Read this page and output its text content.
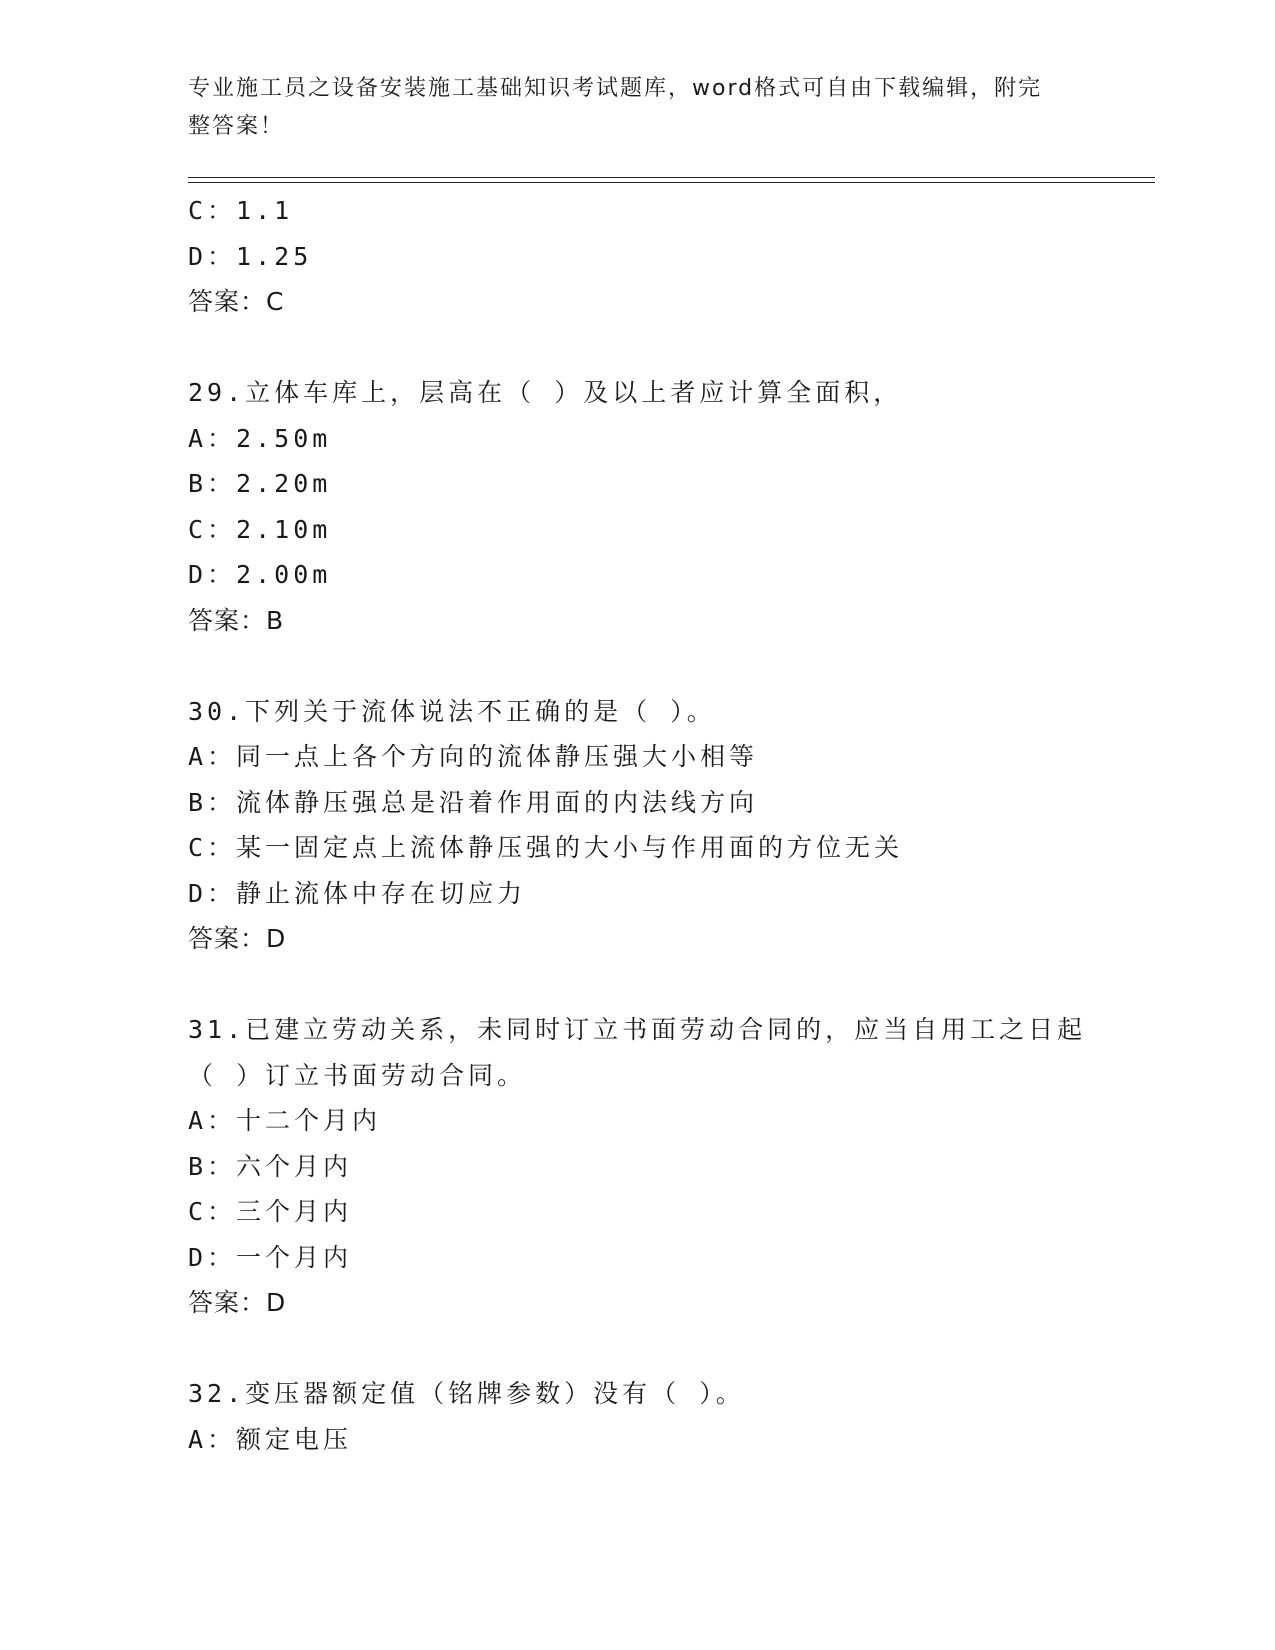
专业施工员之设备安装施工基础知识考试题库，word格式可自由下载编辑，附完
整答案！
C：1.1
D：1.25
答案：C
29.立体车库上，层高在（ ）及以上者应计算全面积，
A：2.50m
B：2.20m
C：2.10m
D：2.00m
答案：B
30.下列关于流体说法不正确的是（ ）。
A：同一点上各个方向的流体静压强大小相等
B：流体静压强总是沿着作用面的内法线方向
C：某一固定点上流体静压强的大小与作用面的方位无关
D：静止流体中存在切应力
答案：D
31.已建立劳动关系，未同时订立书面劳动合同的，应当自用工之日起
（ ）订立书面劳动合同。
A：十二个月内
B：六个月内
C：三个月内
D：一个月内
答案：D
32.变压器额定值（铭牌参数）没有（ ）。
A：额定电压
